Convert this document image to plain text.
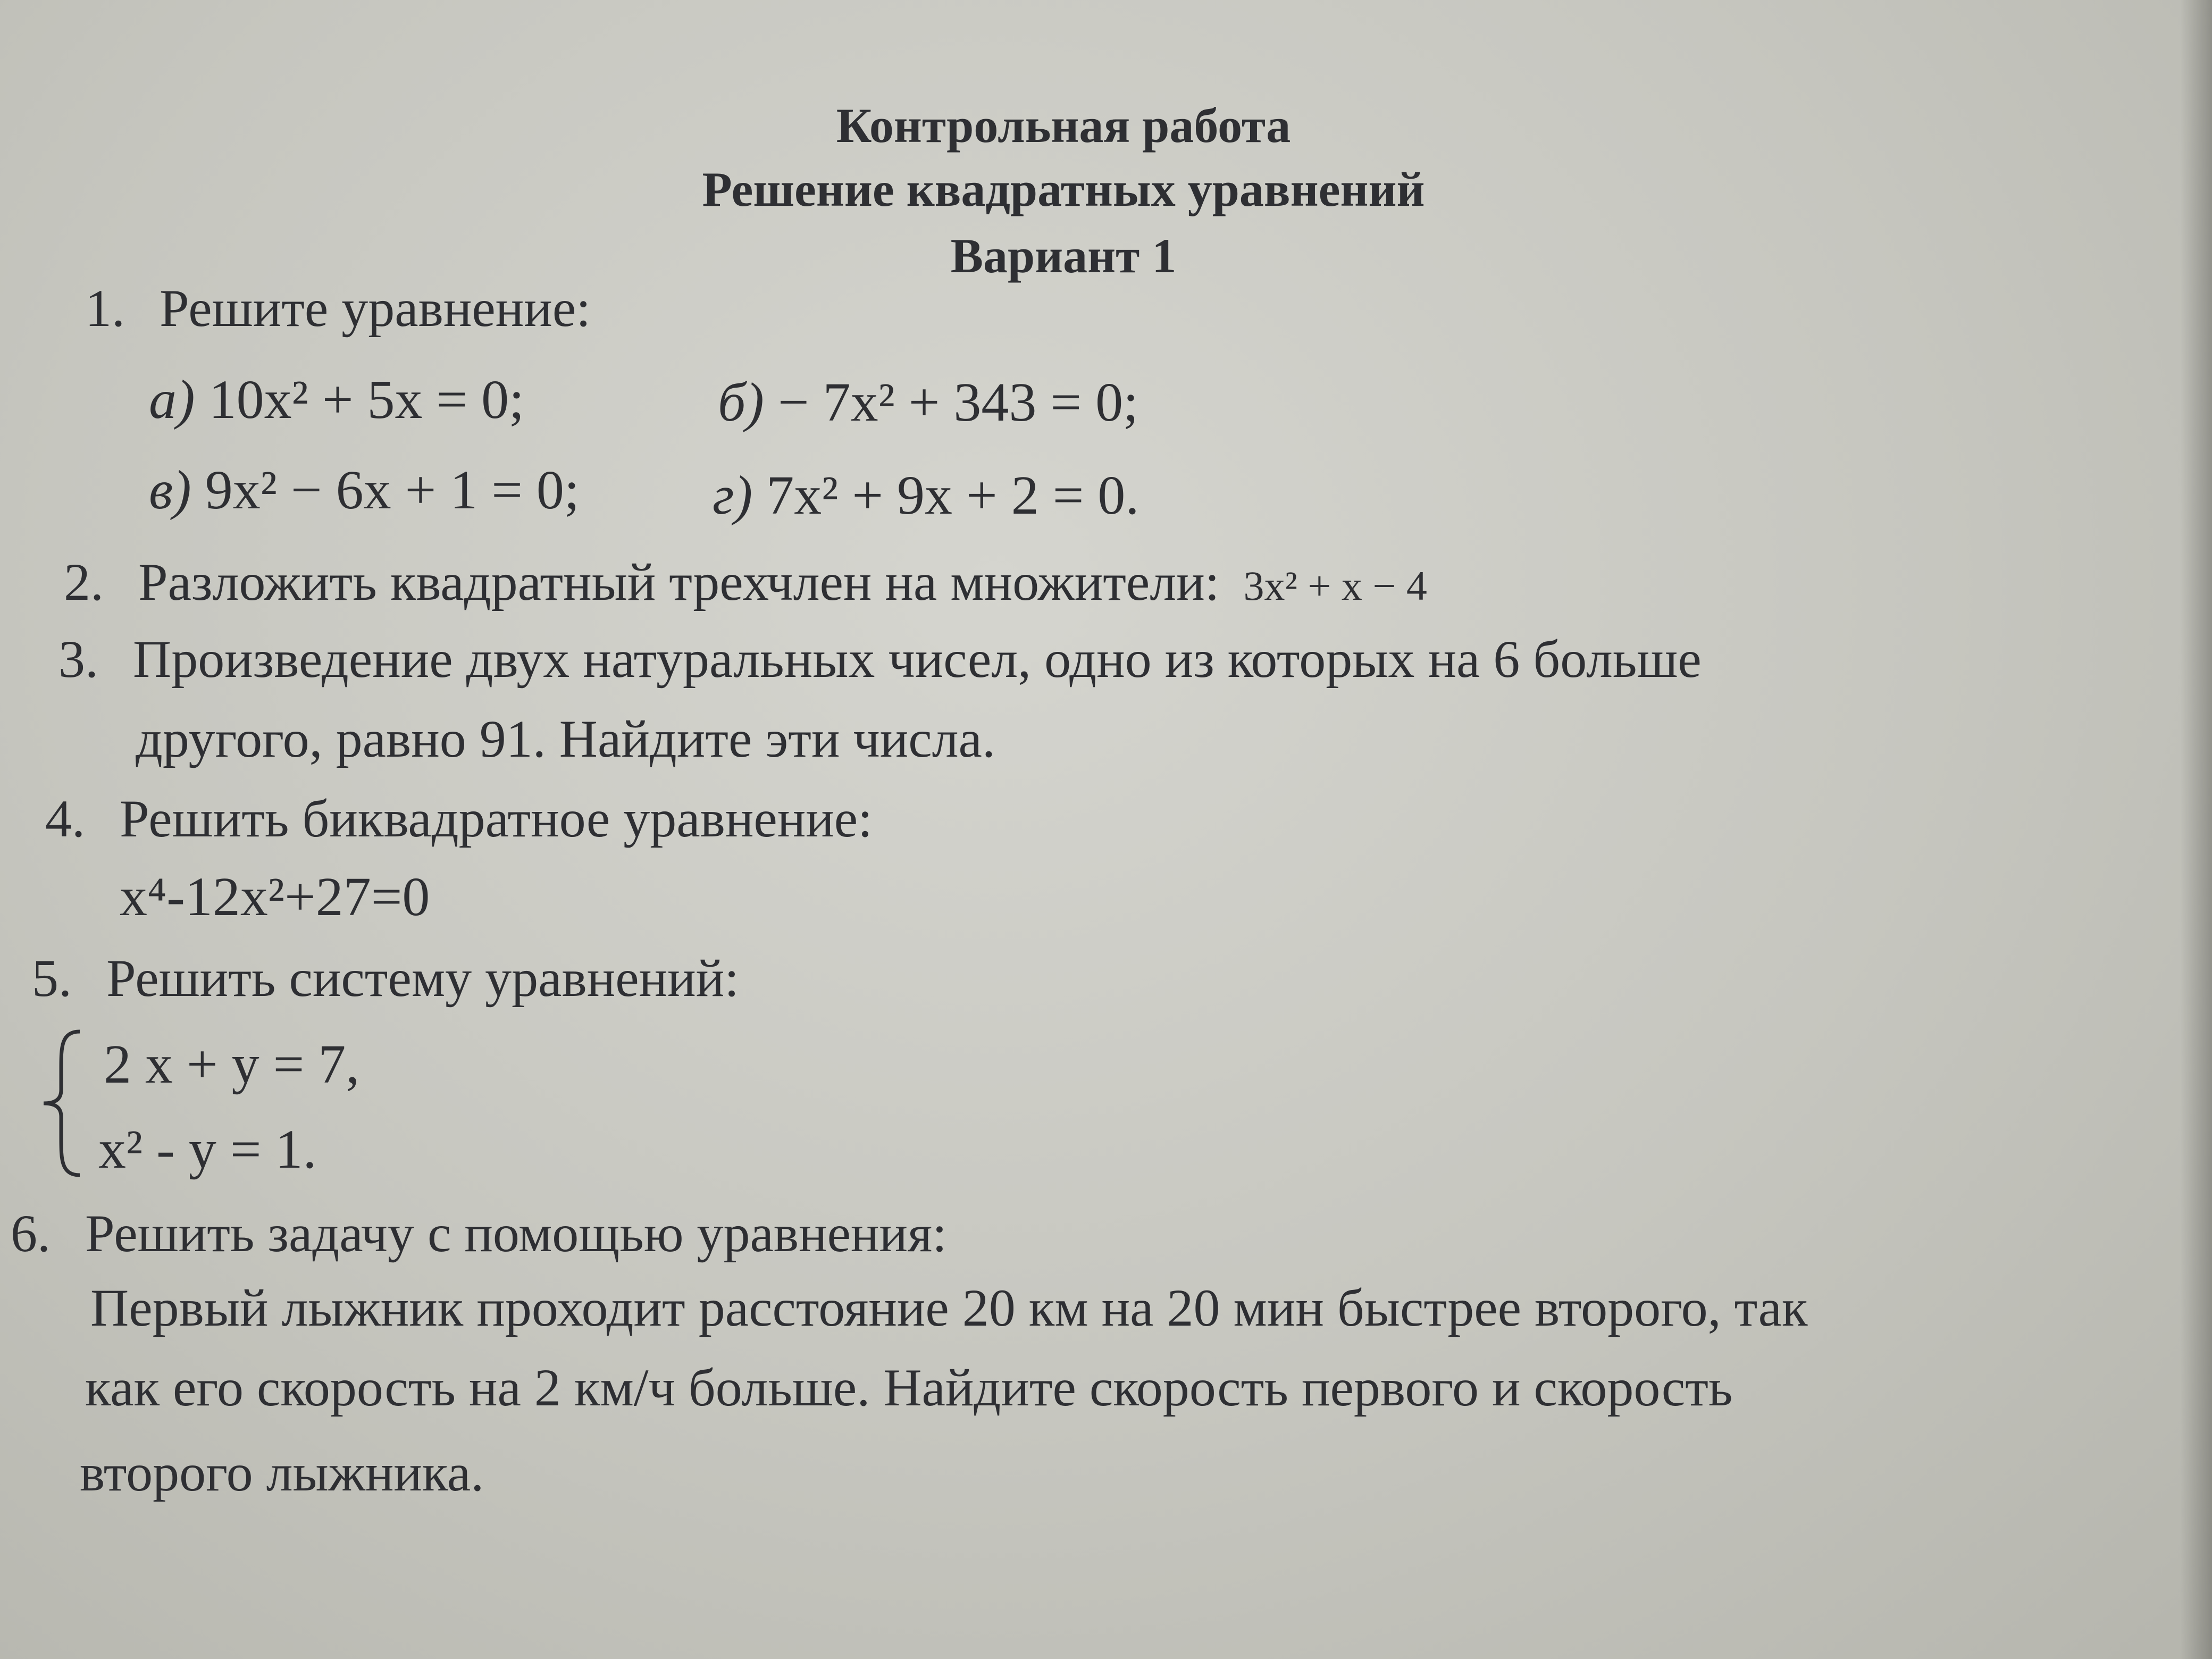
Контрольная работа
Решение квадратных уравнений
Вариант 1
1. Решите уравнение:
а) 10x² + 5x = 0;	б) − 7x² + 343 = 0;
в) 9x² − 6x + 1 = 0; г) 7x² + 9x + 2 = 0.
2. Разложить квадратный трехчлен на множители: 3x² + x − 4
3. Произведение двух натуральных чисел, одно из которых на 6 больше
другого, равно 91. Найдите эти числа.
4. Решить биквадратное уравнение:
x⁴-12x²+27=0
5. Решить систему уравнений:
2 x + y = 7,
x² - y = 1.
6. Решить задачу с помощью уравнения:
Первый лыжник проходит расстояние 20 км на 20 мин быстрее второго, так
как его скорость на 2 км/ч больше. Найдите скорость первого и скорость
второго лыжника.
